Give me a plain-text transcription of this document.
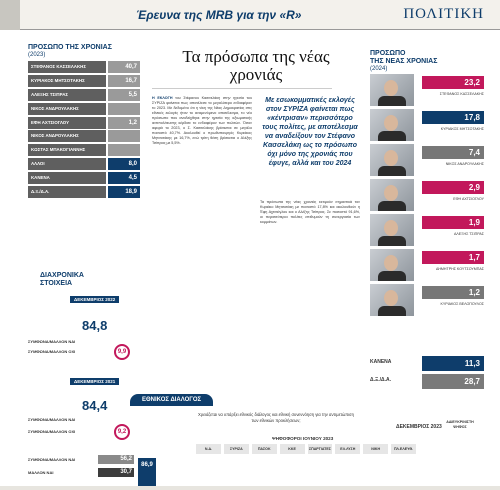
Έρευνα της MRB για την «R»	ΠΟΛΙΤΙΚΗ
ΠΡΟΣΩΠΟ ΤΗΣ ΧΡΟΝΙΑΣ
(2023)
ΣΤΕΦΑΝΟΣ ΚΑΣΣΕΛΑΚΗΣ	40,7
ΚΥΡΙΑΚΟΣ ΜΗΤΣΟΤΑΚΗΣ	16,7
ΑΛΕΞΗΣ ΤΣΙΠΡΑΣ	5,5
ΝΙΚΟΣ ΑΝΔΡΟΥΛΑΚΗΣ
ΕΦΗ ΑΧΤΣΙΟΓΛΟΥ	1,2
ΝΙΚΟΣ ΑΝΔΡΟΥΛΑΚΗΣ
ΚΩΣΤΑΣ ΜΠΑΚΟΓΙΑΝΝΗΣ
ΑΛΛΟΙ	8,0
ΚΑΝΕΝΑ	4,5
Δ.Ξ./Δ.Α.	18,9
ΔΙΑΧΡΟΝΙΚΑ
ΣΤΟΙΧΕΙΑ
ΔΕΚΕΜΒΡΙΟΣ 2022
84,8
ΣΥΜΦΩΝΑ/ΜΑΛΛΟΝ ΝΑΙ
ΣΥΜΦΩΝΑ/ΜΑΛΛΟΝ ΟΧΙ	9,9
ΔΕΚΕΜΒΡΙΟΣ 2021
84,4
ΣΥΜΦΩΝΑ/ΜΑΛΛΟΝ ΝΑΙ
ΣΥΜΦΩΝΑ/ΜΑΛΛΟΝ ΟΧΙ	9,2
Τα πρόσωπα της νέας χρονιάς
Η ΕΚΛΟΓΗ του Στέφανου Κασσελάκη στην ηγεσία του ΣΥΡΙΖΑ φαίνεται πως αποτέλεσε το μεγαλύτερο ενδιαφέρον το 2023. Με δεδομένο ότι η νίκη της Νέας Δημοκρατίας στις εθνικές εκλογές ήταν το αναμενόμενο αποτέλεσμα, το νέο πρόσωπο που αναδείχθηκε στην ηγεσία της αξιωματικής αντιπολίτευσης κέρδισε το ενδιαφέρον των πολιτών. Όσον αφορά το 2023, ο Σ. Κασσελάκης βρίσκεται σε μεγάλο ποσοστό 40,7%. Ακολουθεί ο πρωθυπουργός Κυριάκος Μητσοτάκης με 16,7%, ενώ τρίτη θέση βρίσκεται ο Αλέξης Τσίπρας με 5,5%.
Με εσωκομματικές εκλογές στον ΣΥΡΙΖΑ φαίνεται πως «κέντρισαν» περισσότερο τους πολίτες, με αποτέλεσμα να αναδείξουν τον Στέφανο Κασσελάκη ως το πρόσωπο όχι μόνο της χρονιάς που έφυγε, αλλά και του 2024
Τα πρόσωπα της νέας χρονιάς εκτιμούν σημαντικά τον Κυριάκο Μητσοτάκη με ποσοστό 17,8% και ακολουθούν η Έφη Αχτσιόγλου και ο Αλέξης Τσίπρας. Σε ποσοστό 91,6%, οι περισσότεροι πολίτες επιθυμούν τη συνεργασία των κομμάτων.
ΠΡΟΣΩΠΟ
ΤΗΣ ΝΕΑΣ ΧΡΟΝΙΑΣ
(2024)
23,2
ΣΤΕΦΑΝΟΣ ΚΑΣΣΕΛΑΚΗΣ
17,8
ΚΥΡΙΑΚΟΣ ΜΗΤΣΟΤΑΚΗΣ
7,4
ΝΙΚΟΣ ΑΝΔΡΟΥΛΑΚΗΣ
2,9
ΕΦΗ ΑΧΤΣΙΟΓΛΟΥ
1,9
ΑΛΕΞΗΣ ΤΣΙΠΡΑΣ
1,7
ΔΗΜΗΤΡΗΣ ΚΟΥΤΣΟΥΜΠΑΣ
1,2
ΚΥΡΙΑΚΟΣ ΒΕΛΟΠΟΥΛΟΣ
ΚΑΝΕΝΑ	11,3
Δ.Ξ./Δ.Α.	28,7
ΕΘΝΙΚΟΣ ΔΙΑΛΟΓΟΣ
Χρειάζεται να υπάρξει εθνικός διάλογος και εθνική συνεννόηση για την αντιμετώπιση των εθνικών προκλήσεων;
ΔΕΚΕΜΒΡΙΟΣ 2023
ΨΗΦΟΦΟΡΟΙ ΙΟΥΝΙΟΥ 2023
ΑΔΙΕΥΚΡΙΝΙΣΤΗ ΨΗΦΟΣ
Ν.Δ.	ΣΥΡΙΖΑ	ΠΑΣΟΚ	ΚΚΕ	ΣΠΑΡΤΙΑΤΕΣ	ΕΛ.ΛΥΣΗ	ΝΙΚΗ	ΠΛ.ΕΛΕΥΘ.
ΣΥΜΦΩΝΑ/ΜΑΛΛΟΝ ΝΑΙ	56,2
ΜΑΛΛΟΝ ΝΑΙ	30,7
86,9
